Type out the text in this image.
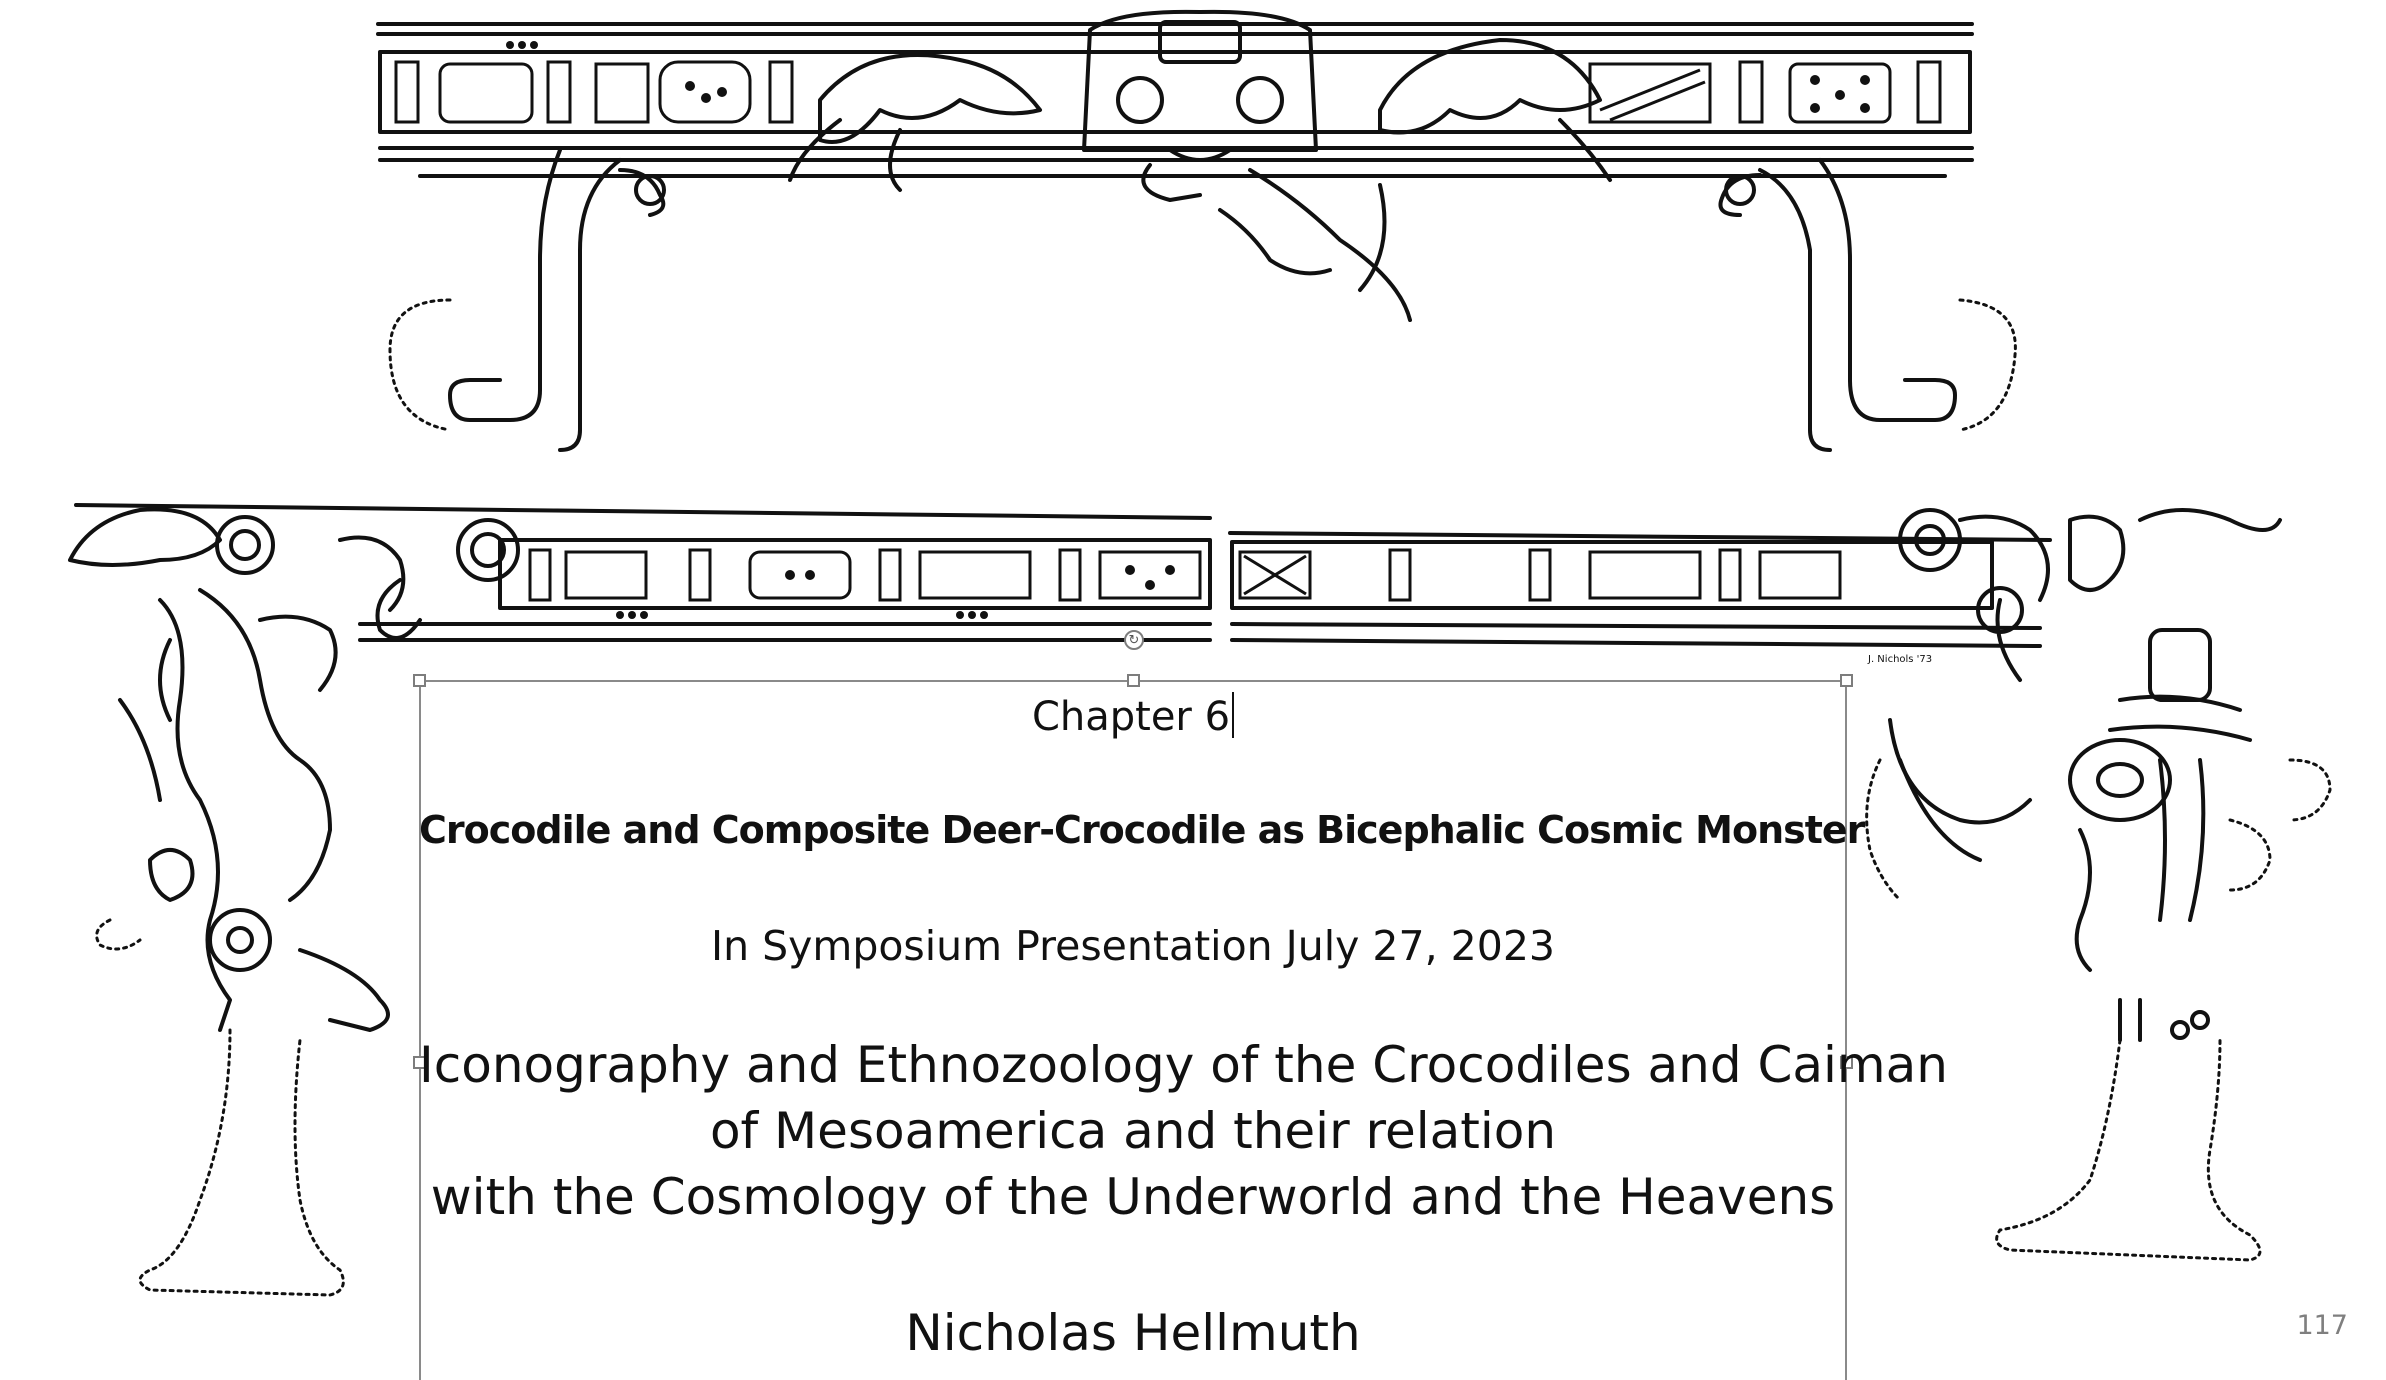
J. Nichols '73
↻
Chapter 6
Crocodile and Composite Deer-Crocodile as Bicephalic Cosmic Monster
In Symposium Presentation July 27, 2023
Iconography and Ethnozoology of the Crocodiles and Caiman
of Mesoamerica and their relation
with the Cosmology of the Underworld and the Heavens
Nicholas Hellmuth	117
